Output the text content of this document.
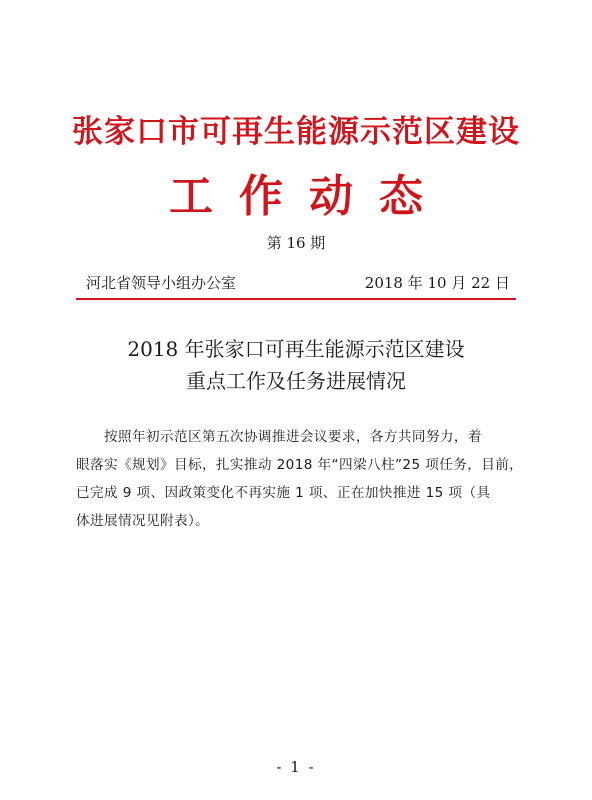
张家口市可再生能源示范区建设
工作动态
第 16 期
河北省领导小组办公室	2018 年 10 月 22 日
2018 年张家口可再生能源示范区建设
重点工作及任务进展情况
按照年初示范区第五次协调推进会议要求，各方共同努力，着
眼落实《规划》目标，扎实推动 2018 年“四梁八柱”25 项任务，目前，
已完成 9 项、因政策变化不再实施 1 项、正在加快推进 15 项（具
体进展情况见附表）。
- 1 -
